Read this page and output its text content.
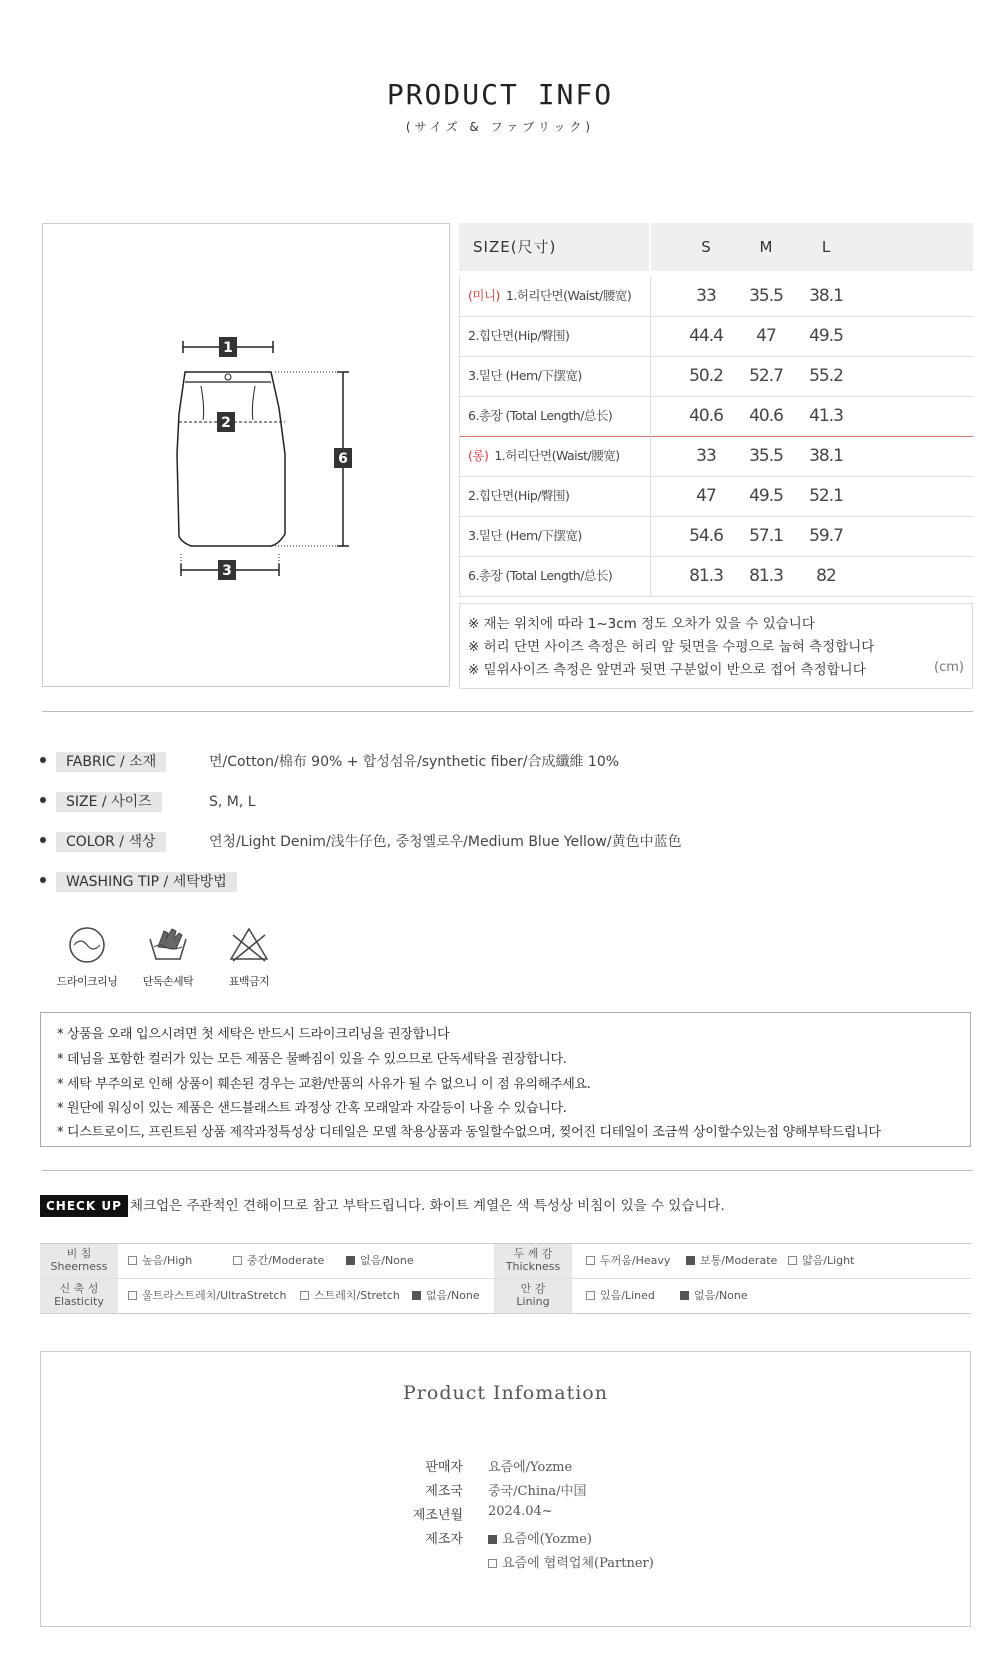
PRODUCT INFO
(サイズ & ファブリック)
1
2
3
6
SIZE(尺寸)	S	M	L
(미니) 1.허리단면(Waist/腰宽)	33	35.5	38.1
2.힙단면(Hip/臀围)	44.4	47	49.5
3.밑단 (Hem/下摆宽)	50.2	52.7	55.2
6.총장 (Total Length/总长)	40.6	40.6	41.3
(롱) 1.허리단면(Waist/腰宽)	33	35.5	38.1
2.힙단면(Hip/臀围)	47	49.5	52.1
3.밑단 (Hem/下摆宽)	54.6	57.1	59.7
6.총장 (Total Length/总长)	81.3	81.3	82
※ 재는 위치에 따라 1~3cm 정도 오차가 있을 수 있습니다
※ 허리 단면 사이즈 측정은 허리 앞 뒷면을 수평으로 눕혀 측정합니다
※ 밑위사이즈 측정은 앞면과 뒷면 구분없이 반으로 접어 측정합니다	(cm)
FABRIC / 소재	면/Cotton/棉布 90% + 합성섬유/synthetic fiber/合成纖維 10%
SIZE / 사이즈	S, M, L
COLOR / 색상	연청/Light Denim/浅牛仔色, 중청옐로우/Medium Blue Yellow/黄色中蓝色
WASHING TIP / 세탁방법
드라이크리닝	단독손세탁	표백금지
* 상품을 오래 입으시려면 첫 세탁은 반드시 드라이크리닝을 권장합니다
* 데님을 포함한 컬러가 있는 모든 제품은 물빠짐이 있을 수 있으므로 단독세탁을 권장합니다.
* 세탁 부주의로 인해 상품이 훼손된 경우는 교환/반품의 사유가 될 수 없으니 이 점 유의해주세요.
* 원단에 워싱이 있는 제품은 샌드블래스트 과정상 간혹 모래알과 자갈등이 나올 수 있습니다.
* 디스트로이드, 프린트된 상품 제작과정특성상 디테일은 모델 착용상품과 동일할수없으며, 찢어진 디테일이 조금씩 상이할수있는점 양해부탁드립니다
CHECK UP 체크업은 주관적인 견해이므로 참고 부탁드립니다. 화이트 계열은 색 특성상 비침이 있을 수 있습니다.
비 침
Sheerness	높음/High	중간/Moderate	없음/None
두 께 감
Thickness	두꺼움/Heavy	보통/Moderate	얇음/Light
신 축 성
Elasticity	울트라스트레치/UltraStretch	스트레치/Stretch	없음/None
안 감
Lining	있음/Lined	없음/None
Product Infomation
판매자 요즘에/Yozme
제조국 중국/China/中国
제조년월 2024.04~
제조자	요즘에(Yozme)
요즘에 협력업체(Partner)
